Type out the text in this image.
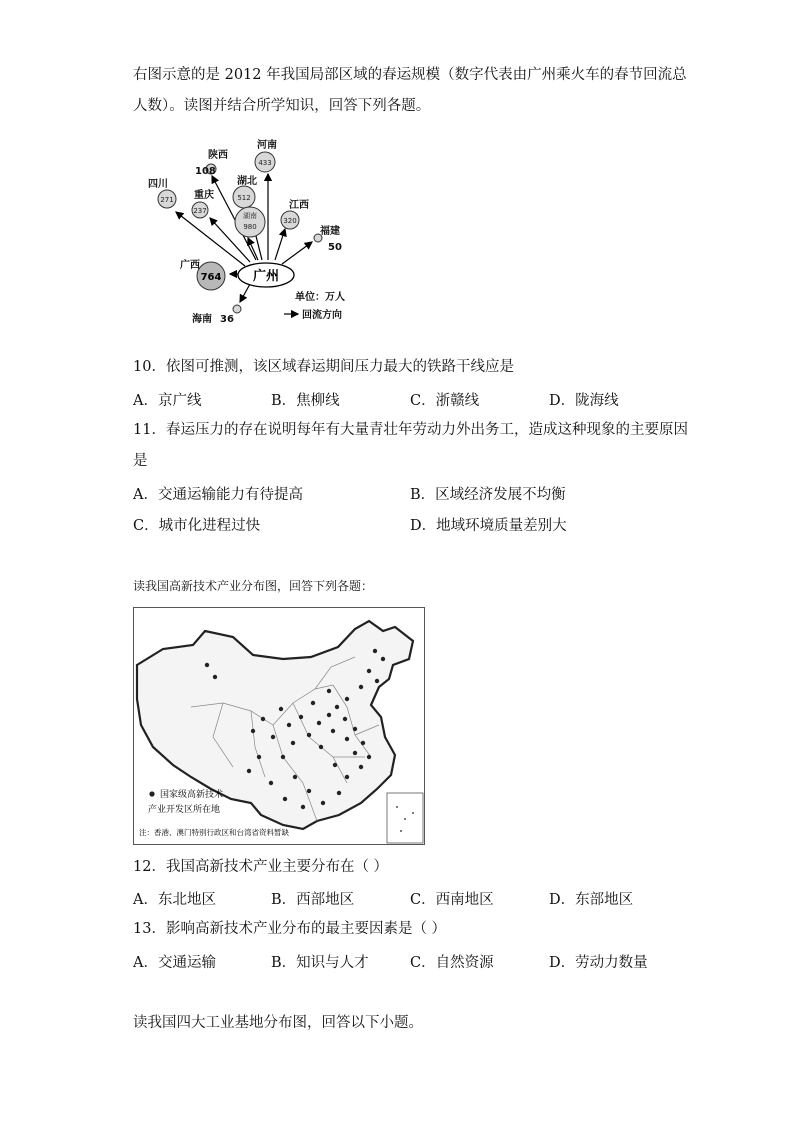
右图示意的是 2012 年我国局部区域的春运规模（数字代表由广州乘火车的春节回流总
人数）。读图并结合所学知识，回答下列各题。
广州
河南
陕西
108
四川
重庆
湖北
江西
福建
50
广西
海南 36
单位：万人
回流方向
433
271
237
512
湖南
980
320
764
10．依图可推测，该区域春运期间压力最大的铁路干线应是
A．京广线	B．焦柳线	C．浙赣线	D．陇海线
11．春运压力的存在说明每年有大量青壮年劳动力外出务工，造成这种现象的主要原因
是
A．交通运输能力有待提高	B．区域经济发展不均衡
C．城市化进程过快	D．地域环境质量差别大
读我国高新技术产业分布图，回答下列各题：
国家级高新技术
产业开发区所在地
注：香港、澳门特别行政区和台湾省资料暂缺
12．我国高新技术产业主要分布在（ ）
A．东北地区	B．西部地区	C．西南地区	D．东部地区
13．影响高新技术产业分布的最主要因素是（ ）
A．交通运输	B．知识与人才	C．自然资源	D．劳动力数量
读我国四大工业基地分布图，回答以下小题。
